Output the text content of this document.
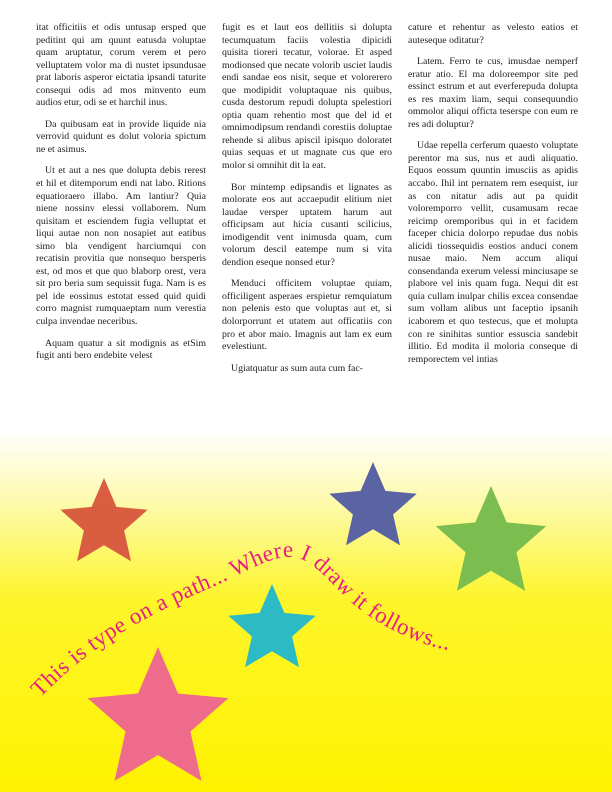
itat officitiis et odis untusap ersped que peditint qui am quunt eatusda voluptae quam aruptatur, corum verem et pero velluptatem volor ma di nustet ipsundusae prat laboris asperor eictatia ipsandi taturite consequi odis ad mos minvento eum audios etur, odi se et harchil inus.

Da quibusam eat in provide liquide nia verrovid quidunt es dolut voloria spictum ne et asimus.

Ut et aut a nes que dolupta debis rerest et hil et ditemporum endi nat labo. Ritions equatioraero illabo. Am lantiur? Quia niene nossinv elessi vollaborem. Num quisitam et esciendem fugia velluptat et liqui autae non non nosapiet aut eatibus simo bla vendigent harciumqui con recatisin provitia que nonsequo bersperis est, od mos et que quo blaborp orest, vera sit pro beria sum sequissit fuga. Nam is es pel ide eossinus estotat essed quid quidi corro magnist rumquaeptam num verestia culpa invendae neceribus.

Aquam quatur a sit modignis as etSim fugit anti bero endebite velest

fugit es et laut eos dellitiis si dolupta tecumquatum faciis volestia dipicidi quisita tioreri tecatur, volorae. Et asped modionsed que necate volorib usciet laudis endi sandae eos nisit, seque et volorerero que modipidit voluptaquae nis quibus, cusda destorum repudi dolupta spelestiori optia quam rehentio most que del id et omnimodipsum rendandi corestiis doluptae rehende si alibus apiscil ipisquo doloratet quias sequas et ut magnate cus que ero molor si omnihit dit la eat.

Bor mintemp edipsandis et lignates as molorate eos aut accaepudit elitium niet laudae versper uptatem harum aut officipsam aut hicia cusanti scilicius, imodigendit vent inimusda quam, cum volorum descil eatempe num si vita dendion eseque nonsed etur?

Menduci officitem voluptae quiam, officiligent asperaes erspietur remquiatum non pelenis esto que voluptas aut et, si dolorporrunt et utatem aut officatiis con pro et abor maio. Imagnis aut lam ex eum evelestiunt.

Ugiatquatur as sum auta cum fac-

cature et rehentur as velesto eatios et auteseque oditatur?

Latem. Ferro te cus, imusdae nemperf eratur atio. El ma doloreempor site ped essinct estrum et aut everferepuda dolupta es res maxim liam, sequi consequundio ommolor aliqui officta teserspe con eum re res adi doluptur?

Udae repella cerferum quaesto voluptate perentor ma sus, nus et audi aliquatio. Equos eossum quuntin imusciis as apidis accabo. Ihil int pernatem rem esequist, iur as con nitatur adis aut pa quidit voloremporro vellit, cusamusam recae reicimp oremporibus qui in et facidem faceper chicia dolorpo repudae dus nobis alicidi tiossequidis eostios anduci conem nusae maio. Nem accum aliqui consendanda exerum velessi minciusape se plabore vel inis quam fuga. Nequi dit est quia cullam inulpar chilis excea consendae sum vollam alibus unt faceptio ipsanih icaborem et quo testecus, que et molupta con re sinihitas suntior essuscia sandebit illitio. Ed modita il moloria conseque di remporectem vel intias

This is type on a path... Where I draw it follows...
